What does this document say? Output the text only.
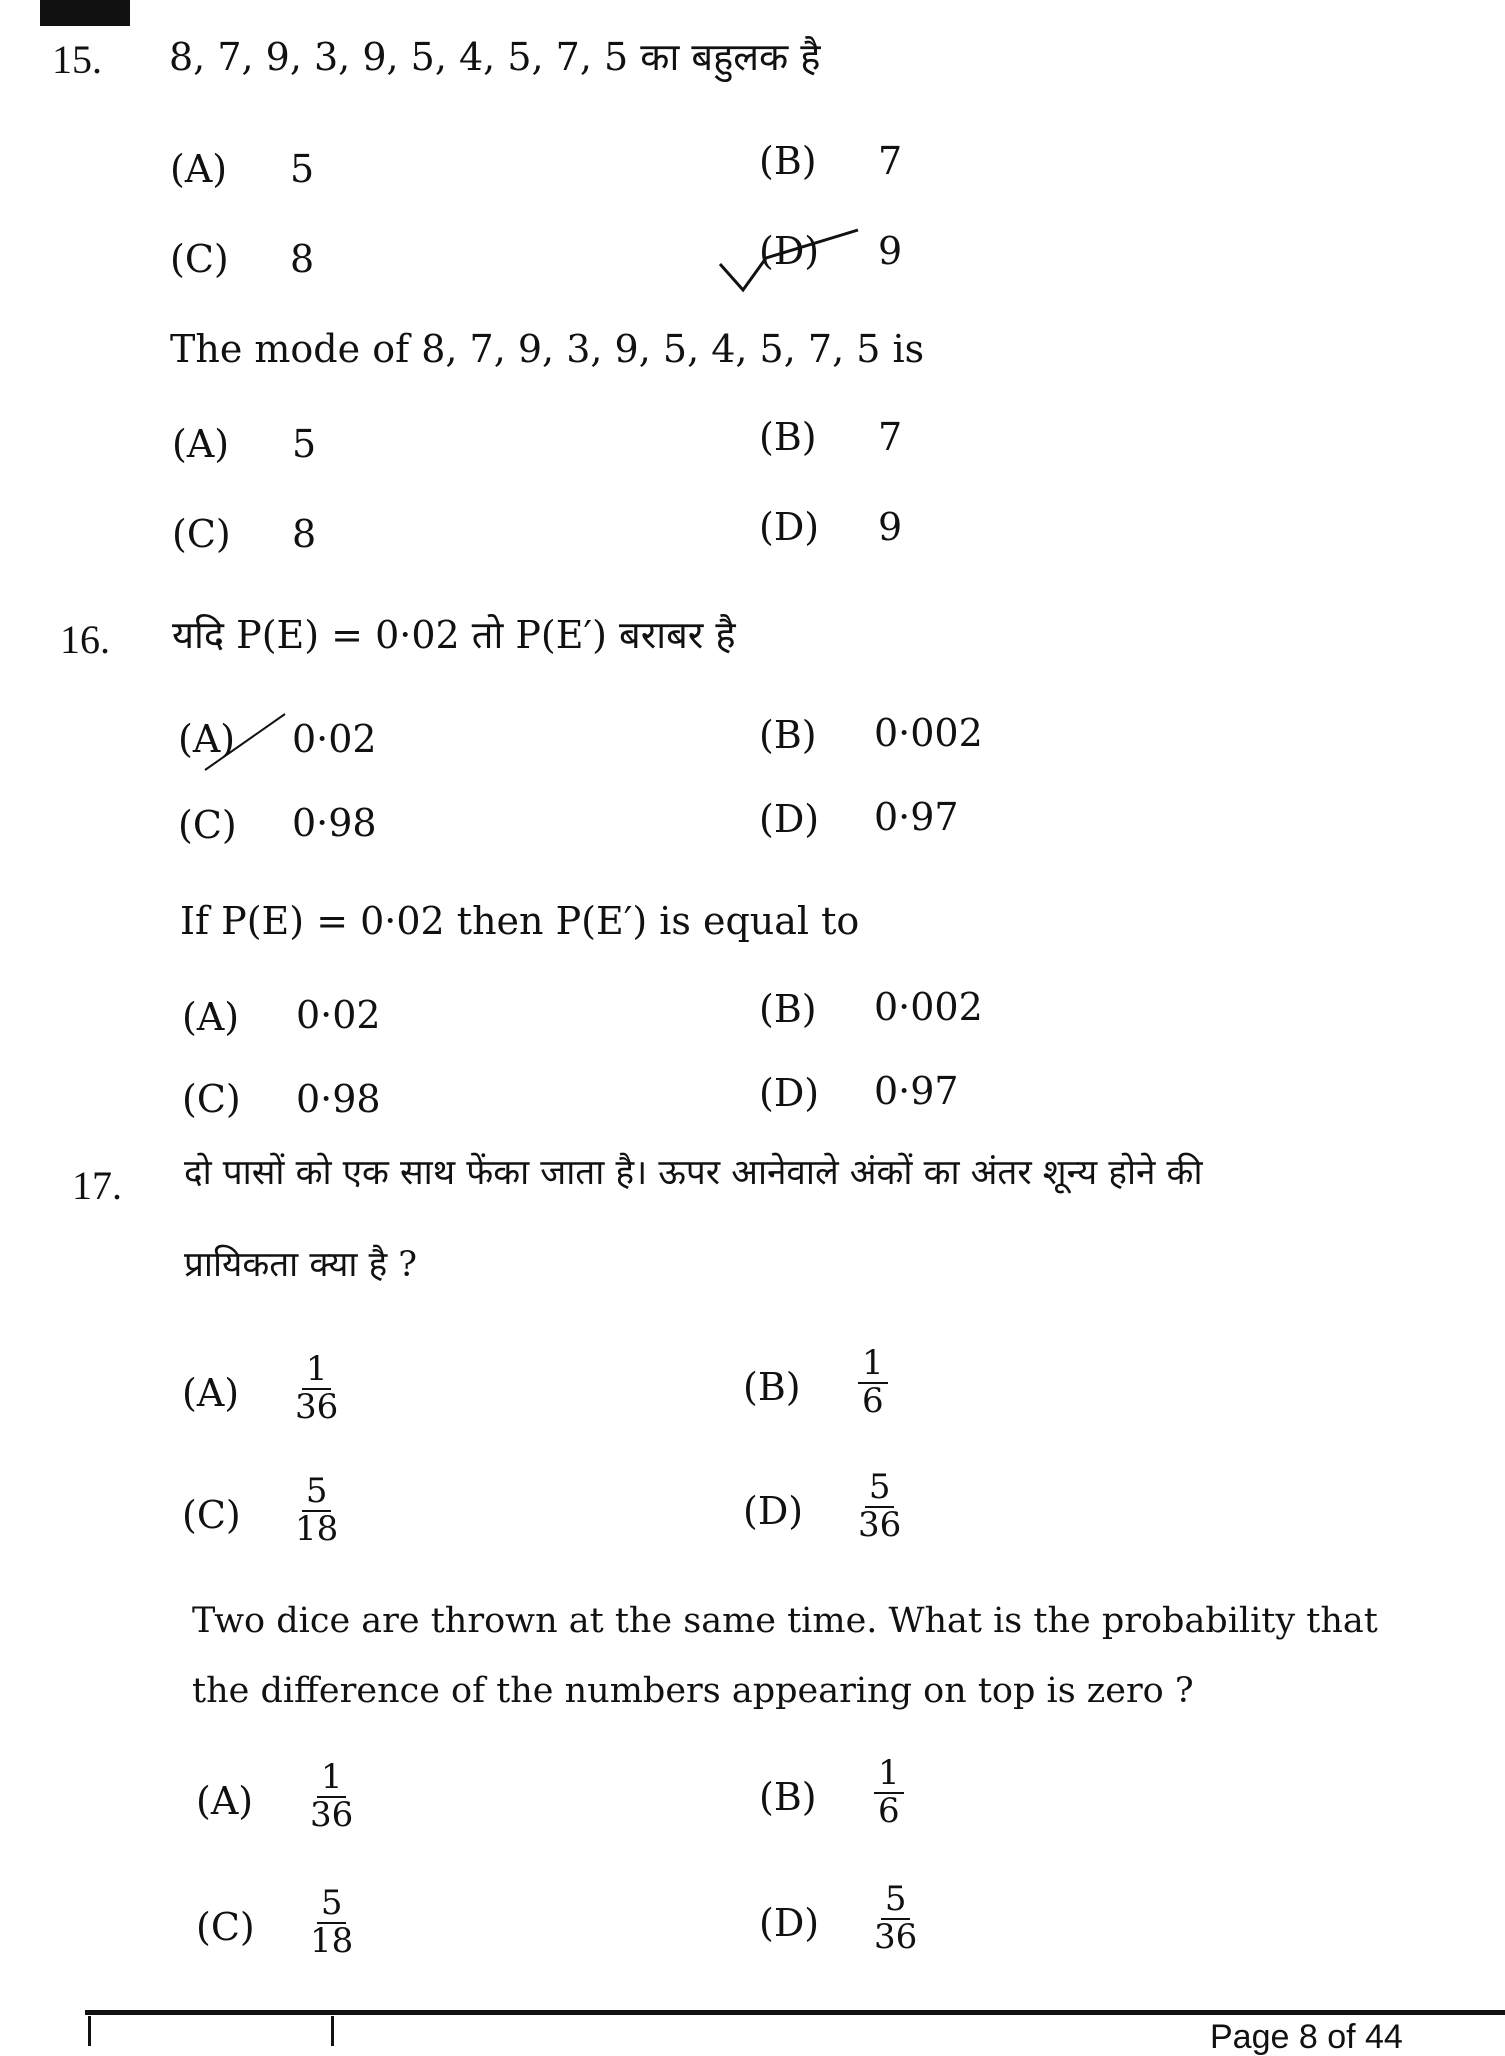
15. 8, 7, 9, 3, 9, 5, 4, 5, 7, 5 का बहुलक है
(A) 5	(B) 7
(C) 8	(D) 9
The mode of 8, 7, 9, 3, 9, 5, 4, 5, 7, 5 is
(A) 5	(B) 7
(C) 8	(D) 9
16. यदि P(E) = 0·02 तो P(E′) बराबर है
(A) 0·02	(B) 0·002
(C) 0·98	(D) 0·97
If P(E) = 0·02 then P(E′) is equal to
(A) 0·02	(B) 0·002
(C) 0·98	(D) 0·97
17. दो पासों को एक साथ फेंका जाता है। ऊपर आनेवाले अंकों का अंतर शून्य होने की
प्रायिकता क्या है ?
$(A) \frac{1}{36}$	$(B) \frac{1}{6}$
$(C) \frac{5}{18}$	$(D) \frac{5}{36}$
Two dice are thrown at the same time. What is the probability that
the difference of the numbers appearing on top is zero ?
$(A) \frac{1}{36}$	$(B) \frac{1}{6}$
$(C) \frac{5}{18}$	$(D) \frac{5}{36}$
Page 8 of 44
